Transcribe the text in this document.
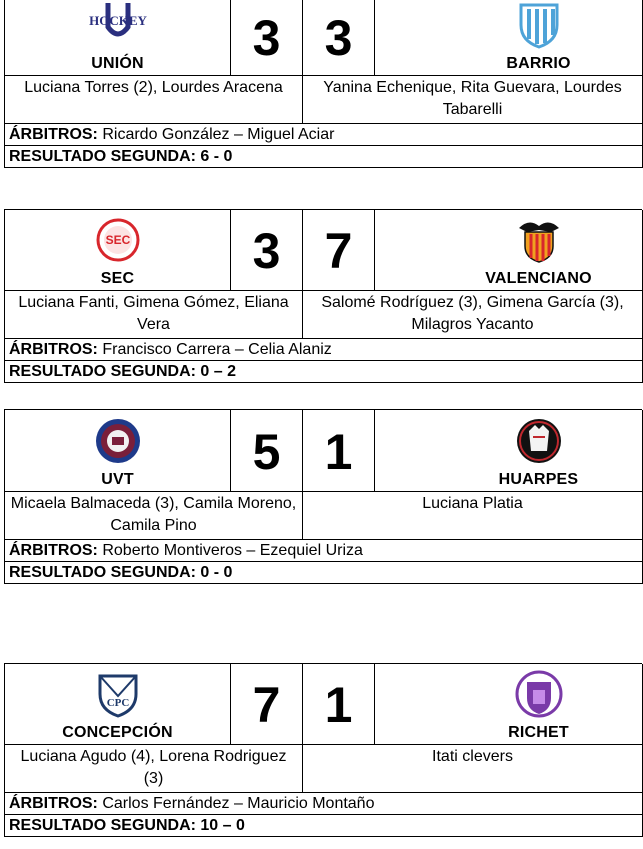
HOCKEY
UNIÓN	3 3	BARRIO
Luciana Torres (2), Lourdes Aracena	Yanina Echenique, Rita Guevara, Lourdes Tabarelli
ÁRBITROS: Ricardo González – Miguel Aciar
RESULTADO SEGUNDA: 6 - 0
SEC
SEC	3 7	VALENCIANO
Luciana Fanti, Gimena Gómez, Eliana Vera
Salomé Rodríguez (3), Gimena García (3), Milagros Yacanto
ÁRBITROS: Francisco Carrera – Celia Alaniz
RESULTADO SEGUNDA: 0 – 2
UVT	5 1	HUARPES
Micaela Balmaceda (3), Camila Moreno, Camila Pino
Luciana Platia
ÁRBITROS: Roberto Montiveros – Ezequiel Uriza
RESULTADO SEGUNDA: 0 - 0
CPC
CONCEPCIÓN	7 1	RICHET
Luciana Agudo (4), Lorena Rodriguez (3)
Itati clevers
ÁRBITROS: Carlos Fernández – Mauricio Montaño
RESULTADO SEGUNDA: 10 – 0
